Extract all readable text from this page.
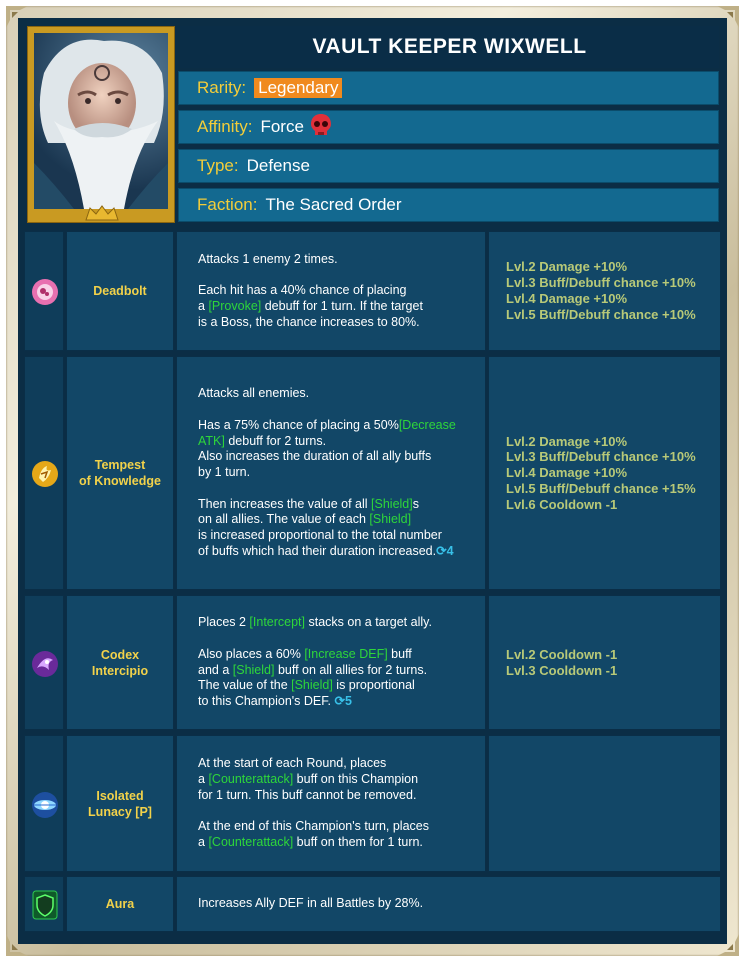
VAULT KEEPER WIXWELL
Rarity: Legendary
Affinity: Force
Type: Defense
Faction: The Sacred Order
Deadbolt

Attacks 1 enemy 2 times.

Each hit has a 40% chance of placing
a [Provoke] debuff for 1 turn. If the target
is a Boss, the chance increases to 80%.

Lvl.2 Damage +10%
Lvl.3 Buff/Debuff chance +10%
Lvl.4 Damage +10%
Lvl.5 Buff/Debuff chance +10%
Tempest
of Knowledge

Attacks all enemies.

Has a 75% chance of placing a 50%[Decrease ATK] debuff for 2 turns.
Also increases the duration of all ally buffs
by 1 turn.

Then increases the value of all [Shield]s
on all allies. The value of each [Shield]
is increased proportional to the total number
of buffs which had their duration increased.⟳4

Lvl.2 Damage +10%
Lvl.3 Buff/Debuff chance +10%
Lvl.4 Damage +10%
Lvl.5 Buff/Debuff chance +15%
Lvl.6 Cooldown -1
Codex
Intercipio

Places 2 [Intercept] stacks on a target ally.

Also places a 60% [Increase DEF] buff
and a [Shield] buff on all allies for 2 turns.
The value of the [Shield] is proportional
to this Champion's DEF. ⟳5

Lvl.2 Cooldown -1
Lvl.3 Cooldown -1
Isolated
Lunacy [P]

At the start of each Round, places
a [Counterattack] buff on this Champion
for 1 turn. This buff cannot be removed.

At the end of this Champion's turn, places
a [Counterattack] buff on them for 1 turn.

Aura	Increases Ally DEF in all Battles by 28%.
